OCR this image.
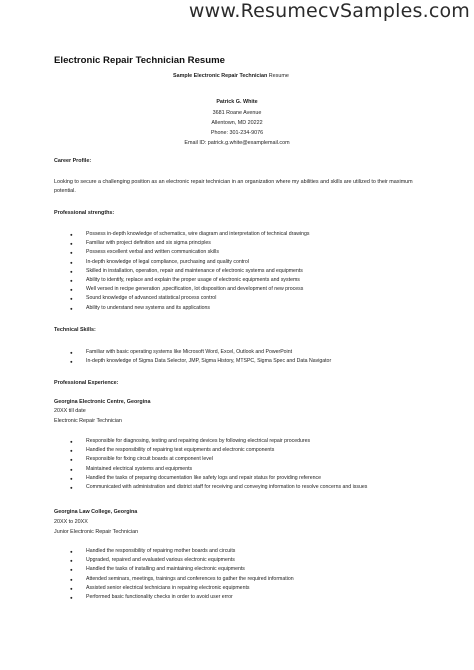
www.ResumecvSamples.com
Electronic Repair Technician Resume
Sample Electronic Repair Technician Resume
Patrick G. White
3681 Roane Avenue
Allentown, MD 20222
Phone: 301-234-9076
Email ID: patrick.g.white@examplemail.com
Career Profile:
Looking to secure a challenging position as an electronic repair technician in an organization where my abilities and skills are utilized to their maximum potential.
Professional strengths:
● Possess in-depth knowledge of schematics, wire diagram and interpretation of technical drawings
● Familiar with project definition and six sigma principles
● Possess excellent verbal and written communication skills
● In-depth knowledge of legal compliance, purchasing and quality control
● Skilled in installation, operation, repair and maintenance of electronic systems and equipments
● Ability to identify, replace and explain the proper usage of electronic equipments and systems
● Well versed in recipe generation ,specification, lot disposition and development of new process
● Sound knowledge of advanced statistical process control
● Ability to understand new systems and its applications
Technical Skills:
● Familiar with basic operating systems like Microsoft Word, Excel, Outlook and PowerPoint
● In-depth knowledge of Sigma Data Selector, JMP, Sigma History, MTSPC, Sigma Spec and Data Navigator
Professional Experience:
Georgina Electronic Centre, Georgina
20XX till date
Electronic Repair Technician
● Responsible for diagnosing, testing and repairing devices by following electrical repair procedures
● Handled the responsibility of repairing test equipments and electronic components
● Responsible for fixing circuit boards at component level
● Maintained electrical systems and equipments
● Handled the tasks of preparing documentation like safety logs and repair status for providing reference
● Communicated with administration and district staff for receiving and conveying information to resolve concerns and issues
Georgina Law College, Georgina
20XX to 20XX
Junior Electronic Repair Technician
● Handled the responsibility of repairing mother boards and circuits
● Upgraded, repaired and evaluated various electronic equipments
● Handled the tasks of installing and maintaining electronic equipments
● Attended seminars, meetings, trainings and conferences to gather the required information
● Assisted senior electrical technicians in repairing electronic equipments
● Performed basic functionality checks in order to avoid user error
